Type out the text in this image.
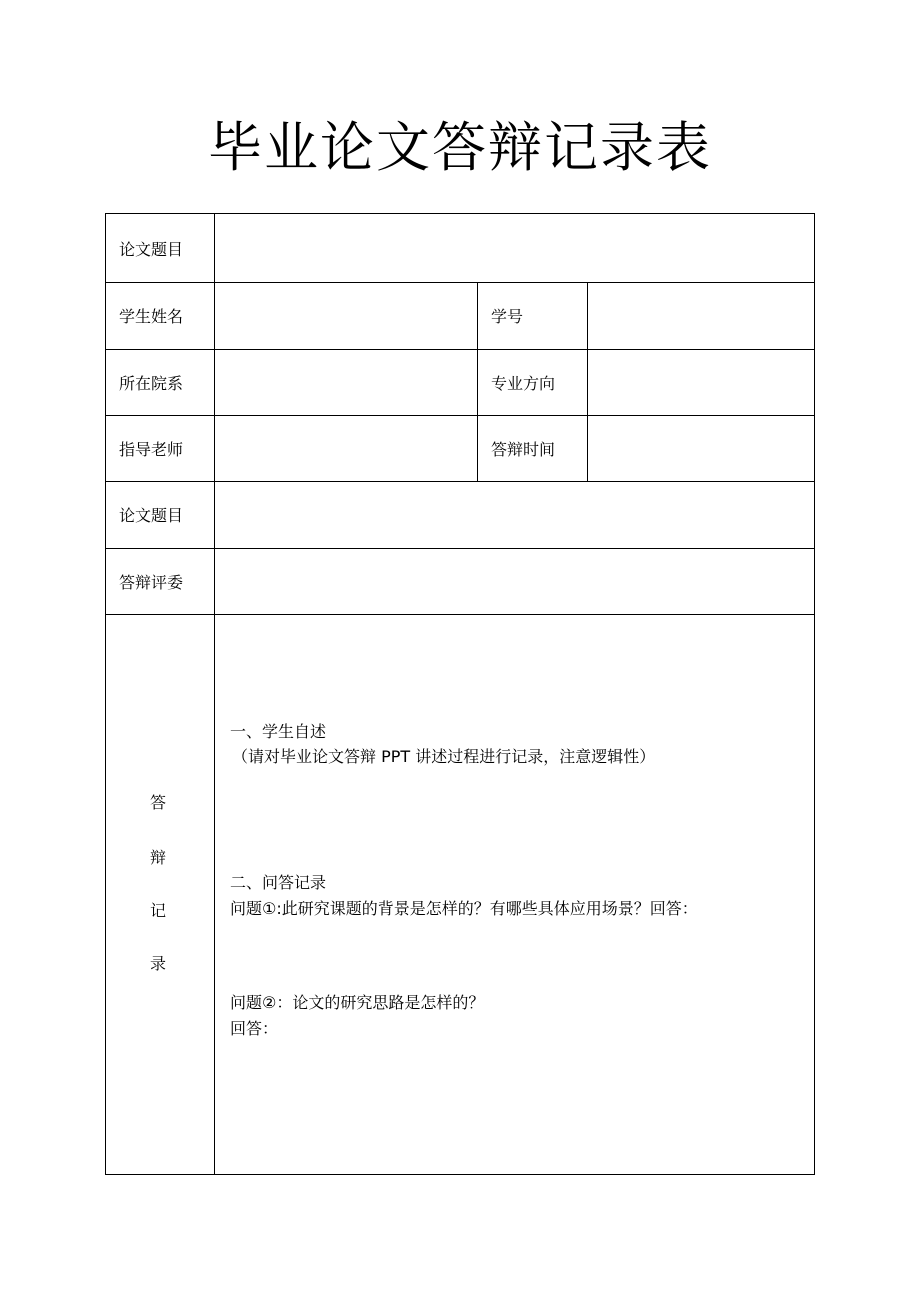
毕业论文答辩记录表
论文题目
学生姓名	学号
所在院系	专业方向
指导老师	答辩时间
论文题目
答辩评委
答
辩
记
录
一、学生自述
（请对毕业论文答辩 PPT 讲述过程进行记录，注意逻辑性）
二、问答记录
问题①:此研究课题的背景是怎样的？有哪些具体应用场景？回答：
问题②：论文的研究思路是怎样的？
回答：
